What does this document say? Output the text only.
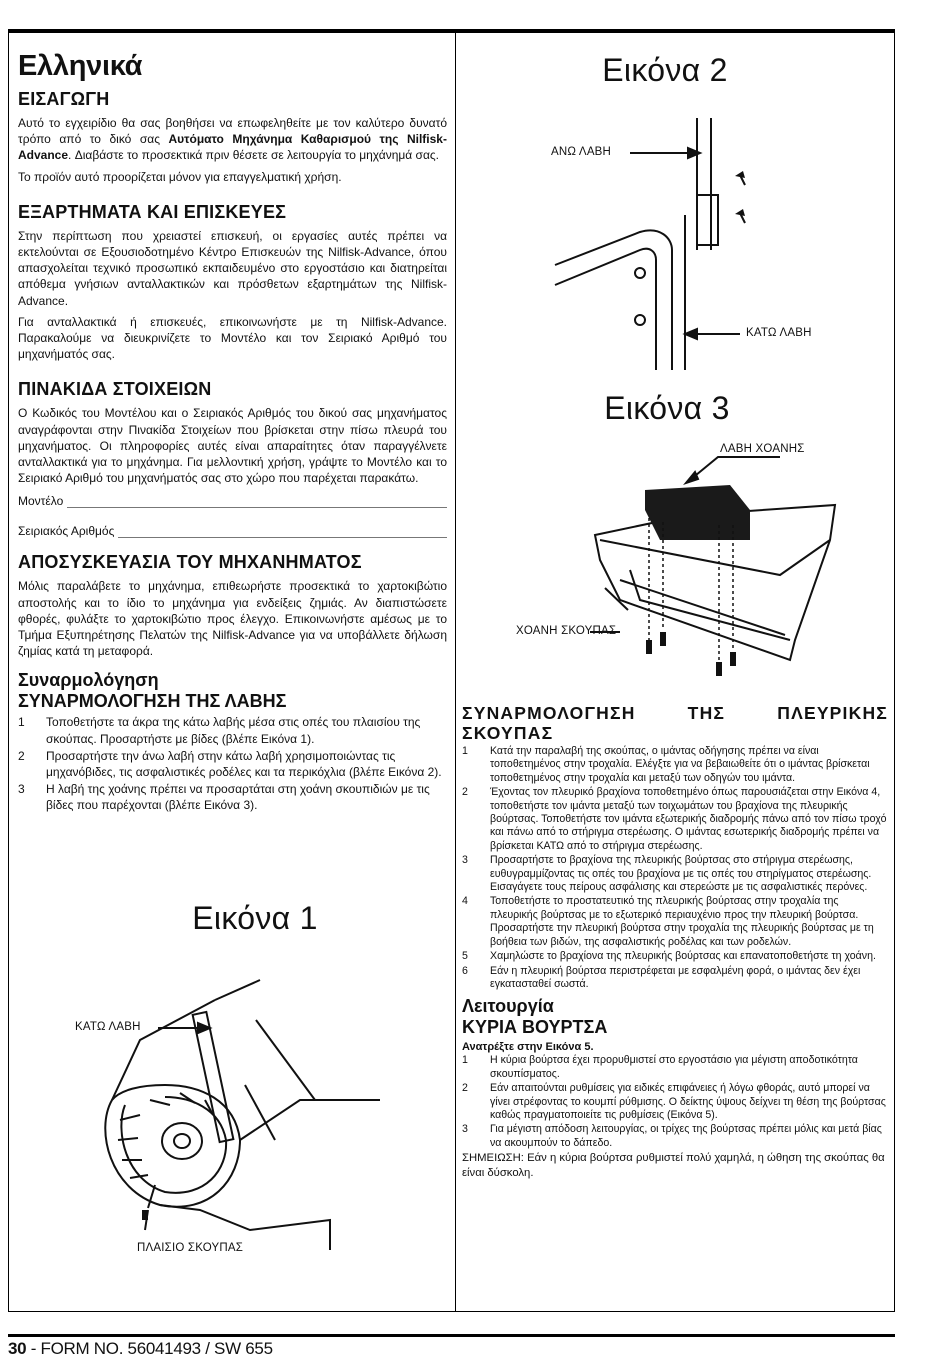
Ελληνικά
ΕΙΣΑΓΩΓΗ

Αυτό το εγχειρίδιο θα σας βοηθήσει να επωφεληθείτε με τον καλύτερο δυνατό τρόπο από το δικό σας Αυτόματο Μηχάνημα Καθαρισμού της Nilfisk-Advance. Διαβάστε το προσεκτικά πριν θέσετε σε λειτουργία το μηχάνημά σας.

Το προϊόν αυτό προορίζεται μόνον για επαγγελματική χρήση.

ΕΞΑΡΤΗΜΑΤΑ ΚΑΙ ΕΠΙΣΚΕΥΕΣ

Στην περίπτωση που χρειαστεί επισκευή, οι εργασίες αυτές πρέπει να εκτελούνται σε Εξουσιοδοτημένο Κέντρο Επισκευών της Nilfisk-Advance, όπου απασχολείται τεχνικό προσωπικό εκπαιδευμένο στο εργοστάσιο και διατηρείται απόθεμα γνήσιων ανταλλακτικών και πρόσθετων εξαρτημάτων της Nilfisk-Advance.

Για ανταλλακτικά ή επισκευές, επικοινωνήστε με τη Nilfisk-Advance. Παρακαλούμε να διευκρινίζετε το Μοντέλο και τον Σειριακό Αριθμό του μηχανήματός σας.

ΠΙΝΑΚΙΔΑ ΣΤΟΙΧΕΙΩΝ

Ο Κωδικός του Μοντέλου και ο Σειριακός Αριθμός του δικού σας μηχανήματος αναγράφονται στην Πινακίδα Στοιχείων που βρίσκεται στην πίσω πλευρά του μηχανήματος. Οι πληροφορίες αυτές είναι απαραίτητες όταν παραγγέλνετε ανταλλακτικά για το μηχάνημα. Για μελλοντική χρήση, γράψτε το Μοντέλο και το Σειριακό Αριθμό του μηχανήματός σας στο χώρο που παρέχεται παρακάτω.

Μοντέλο
Σειριακός Αριθμός
ΑΠΟΣΥΣΚΕΥΑΣΙΑ ΤΟΥ ΜΗΧΑΝΗΜΑΤΟΣ

Μόλις παραλάβετε το μηχάνημα, επιθεωρήστε προσεκτικά το χαρτοκιβώτιο αποστολής και το ίδιο το μηχάνημα για ενδείξεις ζημιάς. Αν διαπιστώσετε φθορές, φυλάξτε το χαρτοκιβώτιο προς έλεγχο. Επικοινωνήστε αμέσως με το Τμήμα Εξυπηρέτησης Πελατών της Nilfisk-Advance για να υποβάλλετε δήλωση ζημίας κατά τη μεταφορά.

Συναρμολόγηση
ΣΥΝΑΡΜΟΛΟΓΗΣΗ ΤΗΣ ΛΑΒΗΣ
1	Τοποθετήστε τα άκρα της κάτω λαβής μέσα στις οπές του πλαισίου της σκούπας. Προσαρτήστε με βίδες (βλέπε Εικόνα 1).
2	Προσαρτήστε την άνω λαβή στην κάτω λαβή χρησιμοποιώντας τις μηχανόβιδες, τις ασφαλιστικές ροδέλες και τα περικόχλια (βλέπε Εικόνα 2).
3	Η λαβή της χοάνης πρέπει να προσαρτάται στη χοάνη σκουπιδιών με τις βίδες που παρέχονται (βλέπε Εικόνα 3).
Εικόνα 1
ΚΑΤΩ ΛΑΒΗ
ΠΛΑΙΣΙΟ ΣΚΟΥΠΑΣ
Εικόνα 2
ΑΝΩ ΛΑΒΗ
ΚΑΤΩ ΛΑΒΗ
Εικόνα 3
ΛΑΒΗ ΧΟΑΝΗΣ
ΧΟΑΝΗ ΣΚΟΥΠΑΣ
ΣΥΝΑΡΜΟΛΟΓΗΣΗ ΤΗΣ ΠΛΕΥΡΙΚΗΣ ΣΚΟΥΠΑΣ
1	Κατά την παραλαβή της σκούπας, ο ιμάντας οδήγησης πρέπει να είναι τοποθετημένος στην τροχαλία. Ελέγξτε για να βεβαιωθείτε ότι ο ιμάντας βρίσκεται τοποθετημένος στην τροχαλία και μεταξύ των οδηγών του ιμάντα.
2	Έχοντας τον πλευρικό βραχίονα τοποθετημένο όπως παρουσιάζεται στην Εικόνα 4, τοποθετήστε τον ιμάντα μεταξύ των τοιχωμάτων του βραχίονα της πλευρικής βούρτσας. Τοποθετήστε τον ιμάντα εξωτερικής διαδρομής πάνω από τον πίσω τροχό και πάνω από το στήριγμα στερέωσης. Ο ιμάντας εσωτερικής διαδρομής πρέπει να βρίσκεται ΚΑΤΩ από το στήριγμα στερέωσης.
3	Προσαρτήστε το βραχίονα της πλευρικής βούρτσας στο στήριγμα στερέωσης, ευθυγραμμίζοντας τις οπές του βραχίονα με τις οπές του στηρίγματος στερέωσης. Εισαγάγετε τους πείρους ασφάλισης και στερεώστε με τις ασφαλιστικές περόνες.
4	Τοποθετήστε το προστατευτικό της πλευρικής βούρτσας στην τροχαλία της πλευρικής βούρτσας με το εξωτερικό περιαυχένιο προς την πλευρική βούρτσα. Προσαρτήστε την πλευρική βούρτσα στην τροχαλία της πλευρικής βούρτσας με τη βοήθεια των βιδών, της ασφαλιστικής ροδέλας και των ροδελών.
5	Χαμηλώστε το βραχίονα της πλευρικής βούρτσας και επανατοποθετήστε τη χοάνη.
6	Εάν η πλευρική βούρτσα περιστρέφεται με εσφαλμένη φορά, ο ιμάντας δεν έχει εγκατασταθεί σωστά.
Λειτουργία
ΚΥΡΙΑ ΒΟΥΡΤΣΑ
Ανατρέξτε στην Εικόνα 5.
1	Η κύρια βούρτσα έχει προρυθμιστεί στο εργοστάσιο για μέγιστη αποδοτικότητα σκουπίσματος.
2	Εάν απαιτούνται ρυθμίσεις για ειδικές επιφάνειες ή λόγω φθοράς, αυτό μπορεί να γίνει στρέφοντας το κουμπί ρύθμισης. Ο δείκτης ύψους δείχνει τη θέση της βούρτσας καθώς πραγματοποιείτε τις ρυθμίσεις (Εικόνα 5).
3	Για μέγιστη απόδοση λειτουργίας, οι τρίχες της βούρτσας πρέπει μόλις και μετά βίας να ακουμπούν το δάπεδο.

ΣΗΜΕΙΩΣΗ: Εάν η κύρια βούρτσα ρυθμιστεί πολύ χαμηλά, η ώθηση της σκούπας θα είναι δύσκολη.

30 - FORM NO. 56041493 / SW 655
